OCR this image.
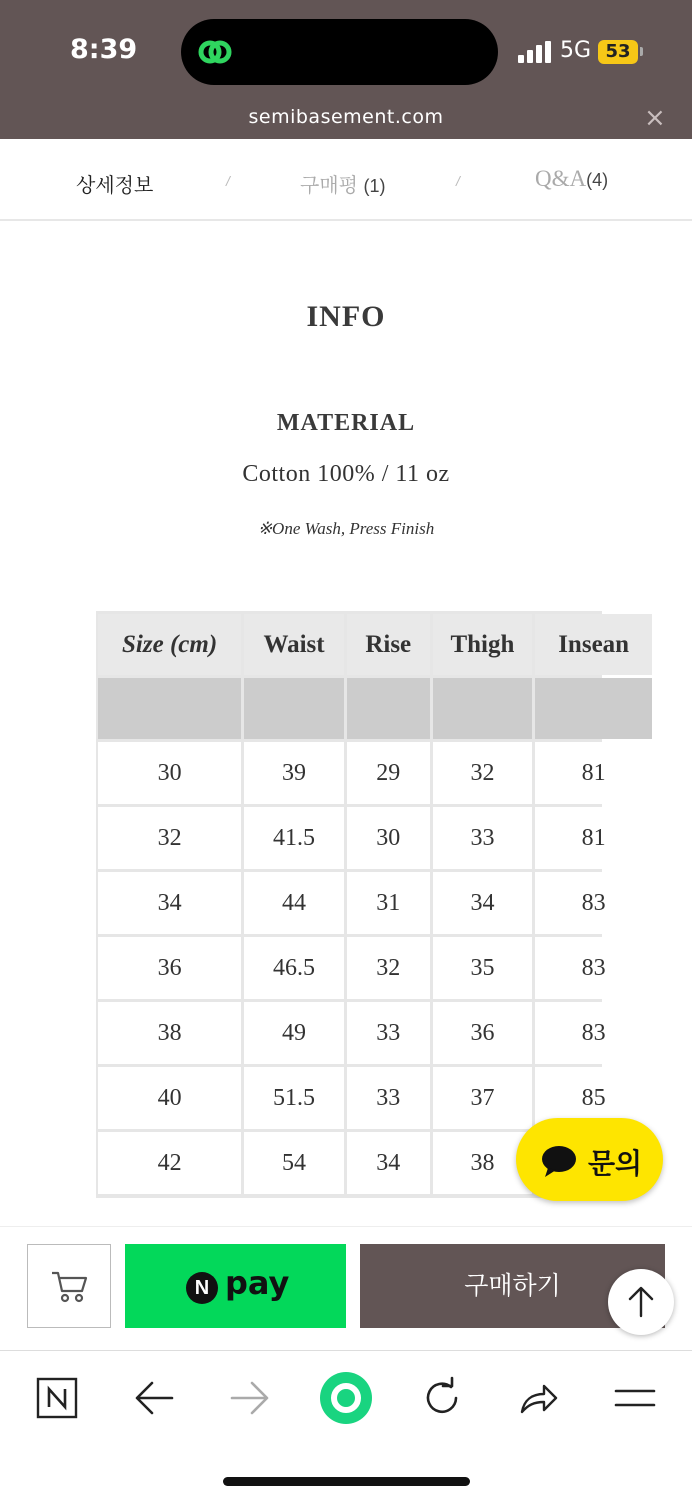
8:39	5G 53
semibasement.com	×
상세정보	/	구매평 (1)	/	Q&A(4)
INFO
MATERIAL
Cotton 100% / 11 oz
※One Wash, Press Finish
Size (cm)	Waist	Rise	Thigh	Insean

30	39	29	32	81
32	41.5	30	33	81
34	44	31	34	83
36	46.5	32	35	83
38	49	33	36	83
40	51.5	33	37	85
42	54	34	38		문의
N pay	구매하기
